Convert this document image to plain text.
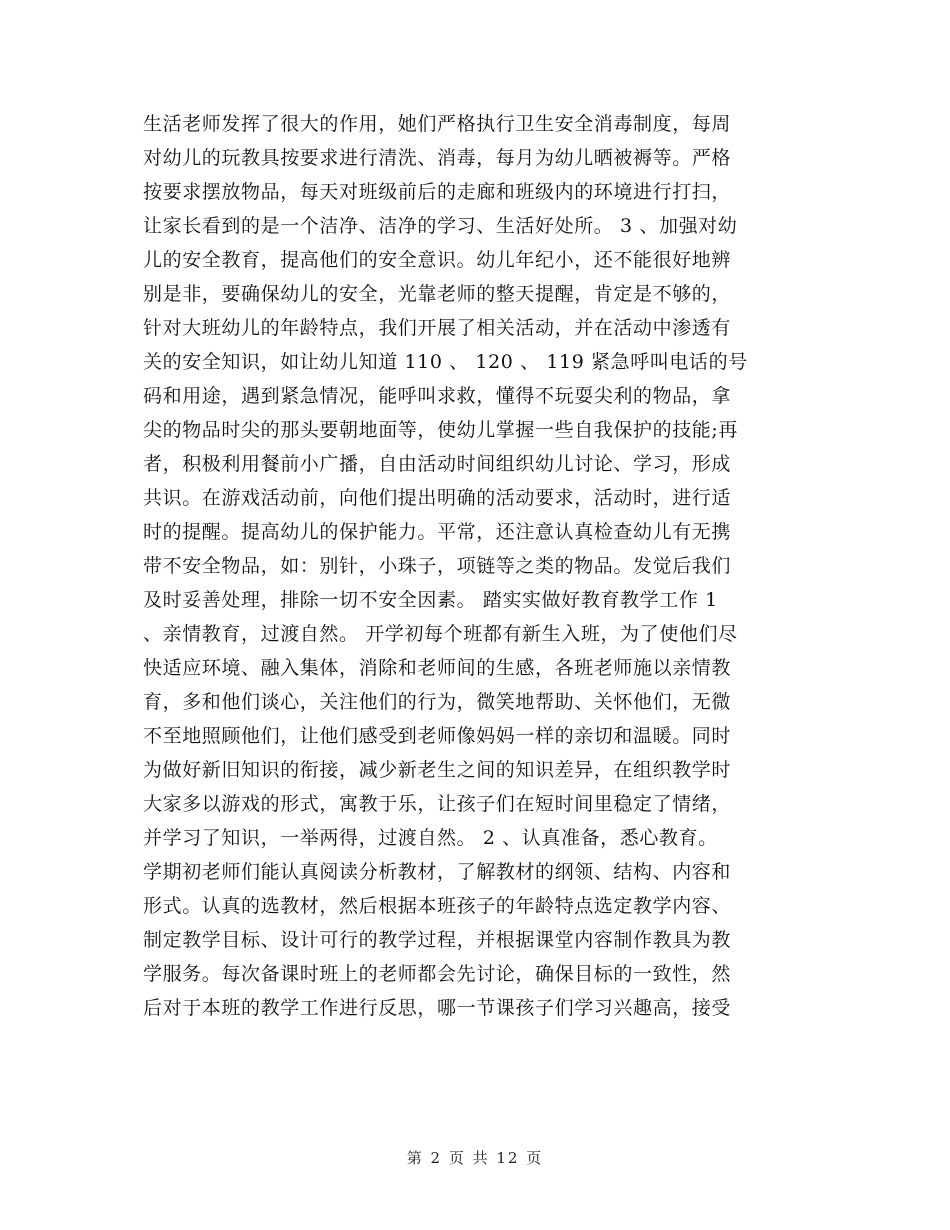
生活老师发挥了很大的作用，她们严格执行卫生安全消毒制度，每周
对幼儿的玩教具按要求进行清洗、消毒，每月为幼儿晒被褥等。严格
按要求摆放物品，每天对班级前后的走廊和班级内的环境进行打扫，
让家长看到的是一个洁净、洁净的学习、生活好处所。 3 、加强对幼
儿的安全教育，提高他们的安全意识。幼儿年纪小，还不能很好地辨
别是非，要确保幼儿的安全，光靠老师的整天提醒，肯定是不够的，
针对大班幼儿的年龄特点，我们开展了相关活动，并在活动中渗透有
关的安全知识，如让幼儿知道 110 、 120 、 119 紧急呼叫电话的号
码和用途，遇到紧急情况，能呼叫求救，懂得不玩耍尖利的物品，拿
尖的物品时尖的那头要朝地面等，使幼儿掌握一些自我保护的技能;再
者，积极利用餐前小广播，自由活动时间组织幼儿讨论、学习，形成
共识。在游戏活动前，向他们提出明确的活动要求，活动时，进行适
时的提醒。提高幼儿的保护能力。平常，还注意认真检查幼儿有无携
带不安全物品，如：别针，小珠子，项链等之类的物品。发觉后我们
及时妥善处理，排除一切不安全因素。 踏实实做好教育教学工作 1
、亲情教育，过渡自然。 开学初每个班都有新生入班，为了使他们尽
快适应环境、融入集体，消除和老师间的生感，各班老师施以亲情教
育，多和他们谈心，关注他们的行为，微笑地帮助、关怀他们，无微
不至地照顾他们，让他们感受到老师像妈妈一样的亲切和温暖。同时
为做好新旧知识的衔接，减少新老生之间的知识差异，在组织教学时
大家多以游戏的形式，寓教于乐，让孩子们在短时间里稳定了情绪，
并学习了知识，一举两得，过渡自然。 2 、认真准备，悉心教育。
学期初老师们能认真阅读分析教材，了解教材的纲领、结构、内容和
形式。认真的选教材，然后根据本班孩子的年龄特点选定教学内容、
制定教学目标、设计可行的教学过程，并根据课堂内容制作教具为教
学服务。每次备课时班上的老师都会先讨论，确保目标的一致性，然
后对于本班的教学工作进行反思，哪一节课孩子们学习兴趣高，接受
第 2 页 共 12 页
